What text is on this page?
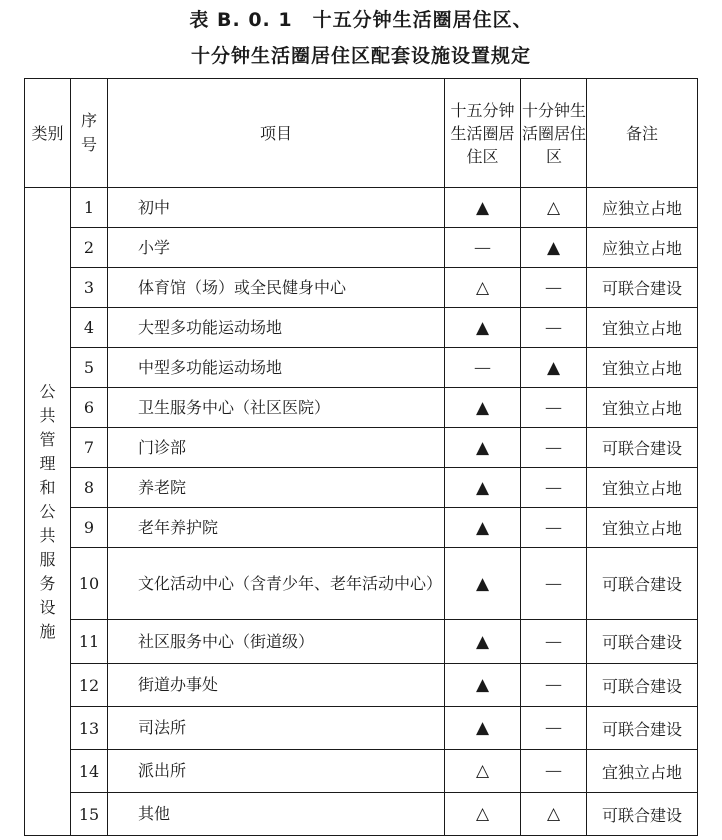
表 B. 0. 1　十五分钟生活圈居住区、
十分钟生活圈居住区配套设施设置规定
类别	序号	项目	十五分钟生活圈居住区	十分钟生活圈居住区	备注
公共管理和公共服务设施	1	初中	▲	△	应独立占地
	2	小学	—	▲	应独立占地
	3	体育馆（场）或全民健身中心	△	—	可联合建设
	4	大型多功能运动场地	▲	—	宜独立占地
	5	中型多功能运动场地	—	▲	宜独立占地
	6	卫生服务中心（社区医院）	▲	—	宜独立占地
	7	门诊部	▲	—	可联合建设
	8	养老院	▲	—	宜独立占地
	9	老年养护院	▲	—	宜独立占地
	10	文化活动中心（含青少年、老年活动中心）	▲	—	可联合建设
	11	社区服务中心（街道级）	▲	—	可联合建设
	12	街道办事处	▲	—	可联合建设
	13	司法所	▲	—	可联合建设
	14	派出所	△	—	宜独立占地
	15	其他	△	△	可联合建设
